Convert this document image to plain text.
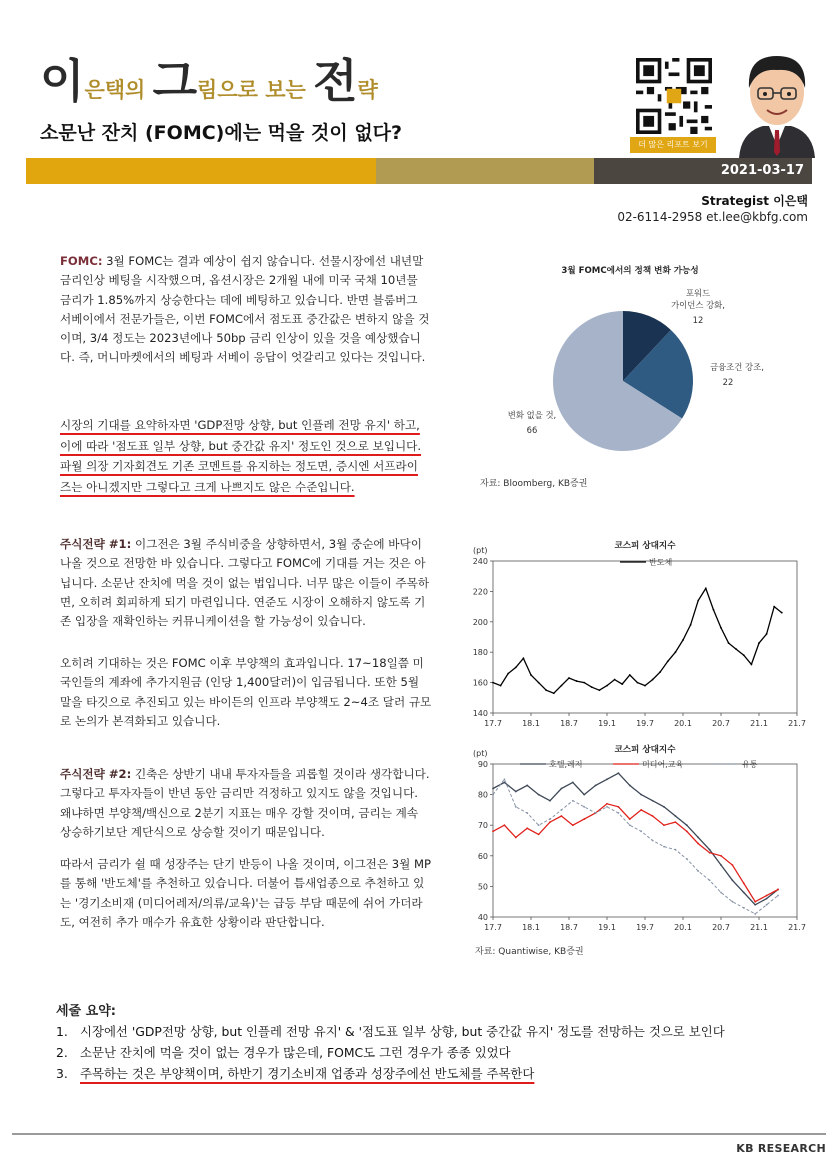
이은택의 그림으로 보는 전략
소문난 잔치 (FOMC)에는 먹을 것이 없다?
더 많은 리포트 보기
2021-03-17
Strategist 이은택
02-6114-2958 et.lee@kbfg.com

FOMC: 3월 FOMC는 결과 예상이 쉽지 않습니다. 선물시장에선 내년말 금리인상 베팅을 시작했으며, 옵션시장은 2개월 내에 미국 국채 10년물 금리가 1.85%까지 상승한다는 데에 베팅하고 있습니다. 반면 블룸버그 서베이에서 전문가들은, 이번 FOMC에서 점도표 중간값은 변하지 않을 것이며, 3/4 정도는 2023년에나 50bp 금리 인상이 있을 것을 예상했습니다. 즉, 머니마켓에서의 베팅과 서베이 응답이 엇갈리고 있다는 것입니다.

시장의 기대를 요약하자면 'GDP전망 상향, but 인플레 전망 유지' 하고, 이에 따라 '점도표 일부 상향, but 중간값 유지' 정도인 것으로 보입니다. 파월 의장 기자회견도 기존 코멘트를 유지하는 정도면, 증시엔 서프라이즈는 아니겠지만 그렇다고 크게 나쁘지도 않은 수준입니다.

주식전략 #1: 이그전은 3월 주식비중을 상향하면서, 3월 중순에 바닥이 나올 것으로 전망한 바 있습니다. 그렇다고 FOMC에 기대를 거는 것은 아닙니다. 소문난 잔치에 먹을 것이 없는 법입니다. 너무 많은 이들이 주목하면, 오히려 회피하게 되기 마련입니다. 연준도 시장이 오해하지 않도록 기존 입장을 재확인하는 커뮤니케이션을 할 가능성이 있습니다.

오히려 기대하는 것은 FOMC 이후 부양책의 효과입니다. 17~18일쯤 미국인들의 계좌에 추가지원금 (인당 1,400달러)이 입금됩니다. 또한 5월 말을 타깃으로 추진되고 있는 바이든의 인프라 부양책도 2~4조 달러 규모로 논의가 본격화되고 있습니다.

주식전략 #2: 긴축은 상반기 내내 투자자들을 괴롭힐 것이라 생각합니다. 그렇다고 투자자들이 반년 동안 금리만 걱정하고 있지도 않을 것입니다. 왜냐하면 부양책/백신으로 2분기 지표는 매우 강할 것이며, 금리는 계속 상승하기보단 계단식으로 상승할 것이기 때문입니다.

따라서 금리가 쉴 때 성장주는 단기 반등이 나올 것이며, 이그전은 3월 MP를 통해 '반도체'를 추천하고 있습니다. 더불어 틈새업종으로 추천하고 있는 '경기소비재 (미디어레저/의류/교육)'는 급등 부담 때문에 쉬어 가더라도, 여전히 추가 매수가 유효한 상황이라 판단합니다.

3월 FOMC에서의 정책 변화 가능성
포워드
가이던스 강화,
12
금융조건 강조,
22
변화 없을 것,
66
자료: Bloomberg, KB증권
코스피 상대지수
(pt)
140
160
180
200
220
240
17.7	18.1	18.7	19.1	19.7	20.1	20.7	21.1	21.7
반도체
코스피 상대지수
(pt)
40
50
60
70
80
90
17.7	18.1	18.7	19.1	19.7	20.1	20.7	21.1	21.7
호텔,레저	미디어,교육	유통
자료: Quantiwise, KB증권
세줄 요약:
1. 시장에선 'GDP전망 상향, but 인플레 전망 유지' & '점도표 일부 상향, but 중간값 유지' 정도를 전망하는 것으로 보인다
2. 소문난 잔치에 먹을 것이 없는 경우가 많은데, FOMC도 그런 경우가 종종 있었다
3. 주목하는 것은 부양책이며, 하반기 경기소비재 업종과 성장주에선 반도체를 주목한다
KB RESEARCH
